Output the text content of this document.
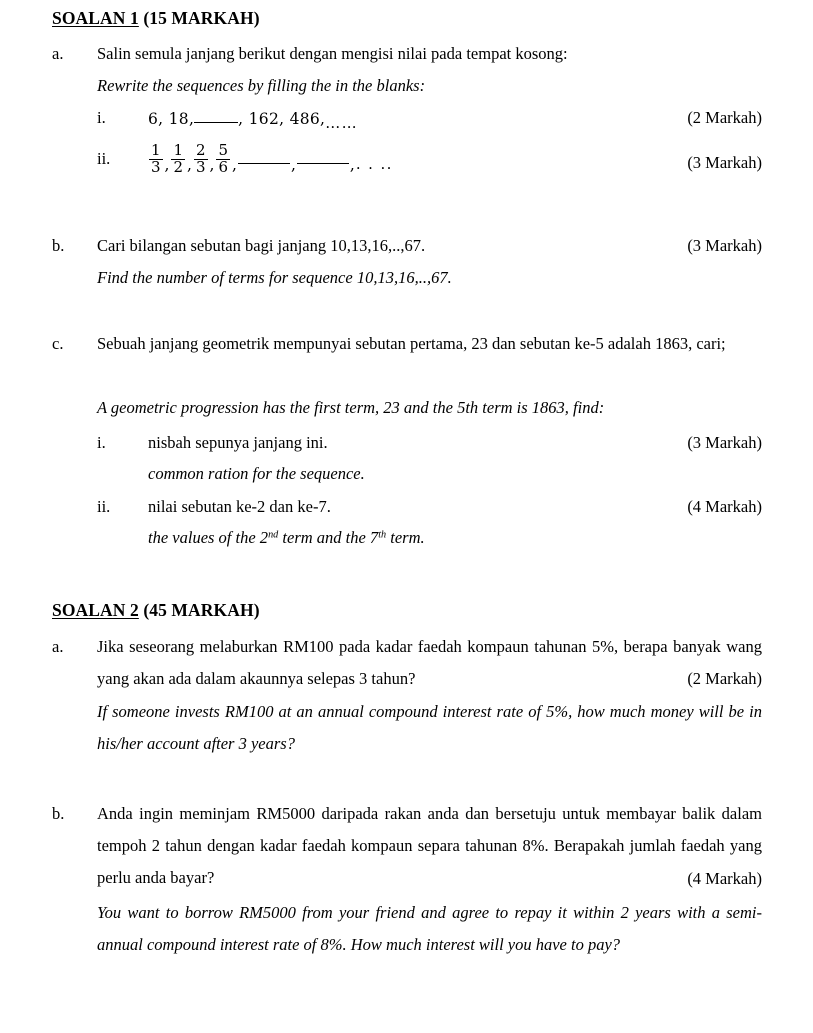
SOALAN 1 (15 MARKAH)
a.	Salin semula janjang berikut dengan mengisi nilai pada tempat kosong:
Rewrite the sequences by filling the in the blanks:
i.	6, 18,	, 162, 486,……	(2 Markah)
ii.	$\frac{1}{3}$ , $\frac{1}{2}$ , $\frac{2}{3}$ , $\frac{5}{6}$ ,	,	,. . ..	(3 Markah)
b.	Cari bilangan sebutan bagi janjang 10,13,16,..,67.	(3 Markah)
Find the number of terms for sequence 10,13,16,..,67.
c.	Sebuah janjang geometrik mempunyai sebutan pertama, 23 dan sebutan ke-5 adalah 1863, cari;
A geometric progression has the first term, 23 and the 5th term is 1863, find:
i.	nisbah sepunya janjang ini.	(3 Markah)
common ration for the sequence.
ii.	nilai sebutan ke-2 dan ke-7.	(4 Markah)
the values of the 2nd term and the 7th term.
SOALAN 2 (45 MARKAH)
a.	Jika seseorang melaburkan RM100 pada kadar faedah kompaun tahunan 5%, berapa banyak wang yang akan ada dalam akaunnya selepas 3 tahun?	(2 Markah)
If someone invests RM100 at an annual compound interest rate of 5%, how much money will be in his/her account after 3 years?
b.	Anda ingin meminjam RM5000 daripada rakan anda dan bersetuju untuk membayar balik dalam tempoh 2 tahun dengan kadar faedah kompaun separa tahunan 8%. Berapakah jumlah faedah yang perlu anda bayar?	(4 Markah)
You want to borrow RM5000 from your friend and agree to repay it within 2 years with a semi-annual compound interest rate of 8%. How much interest will you have to pay?
